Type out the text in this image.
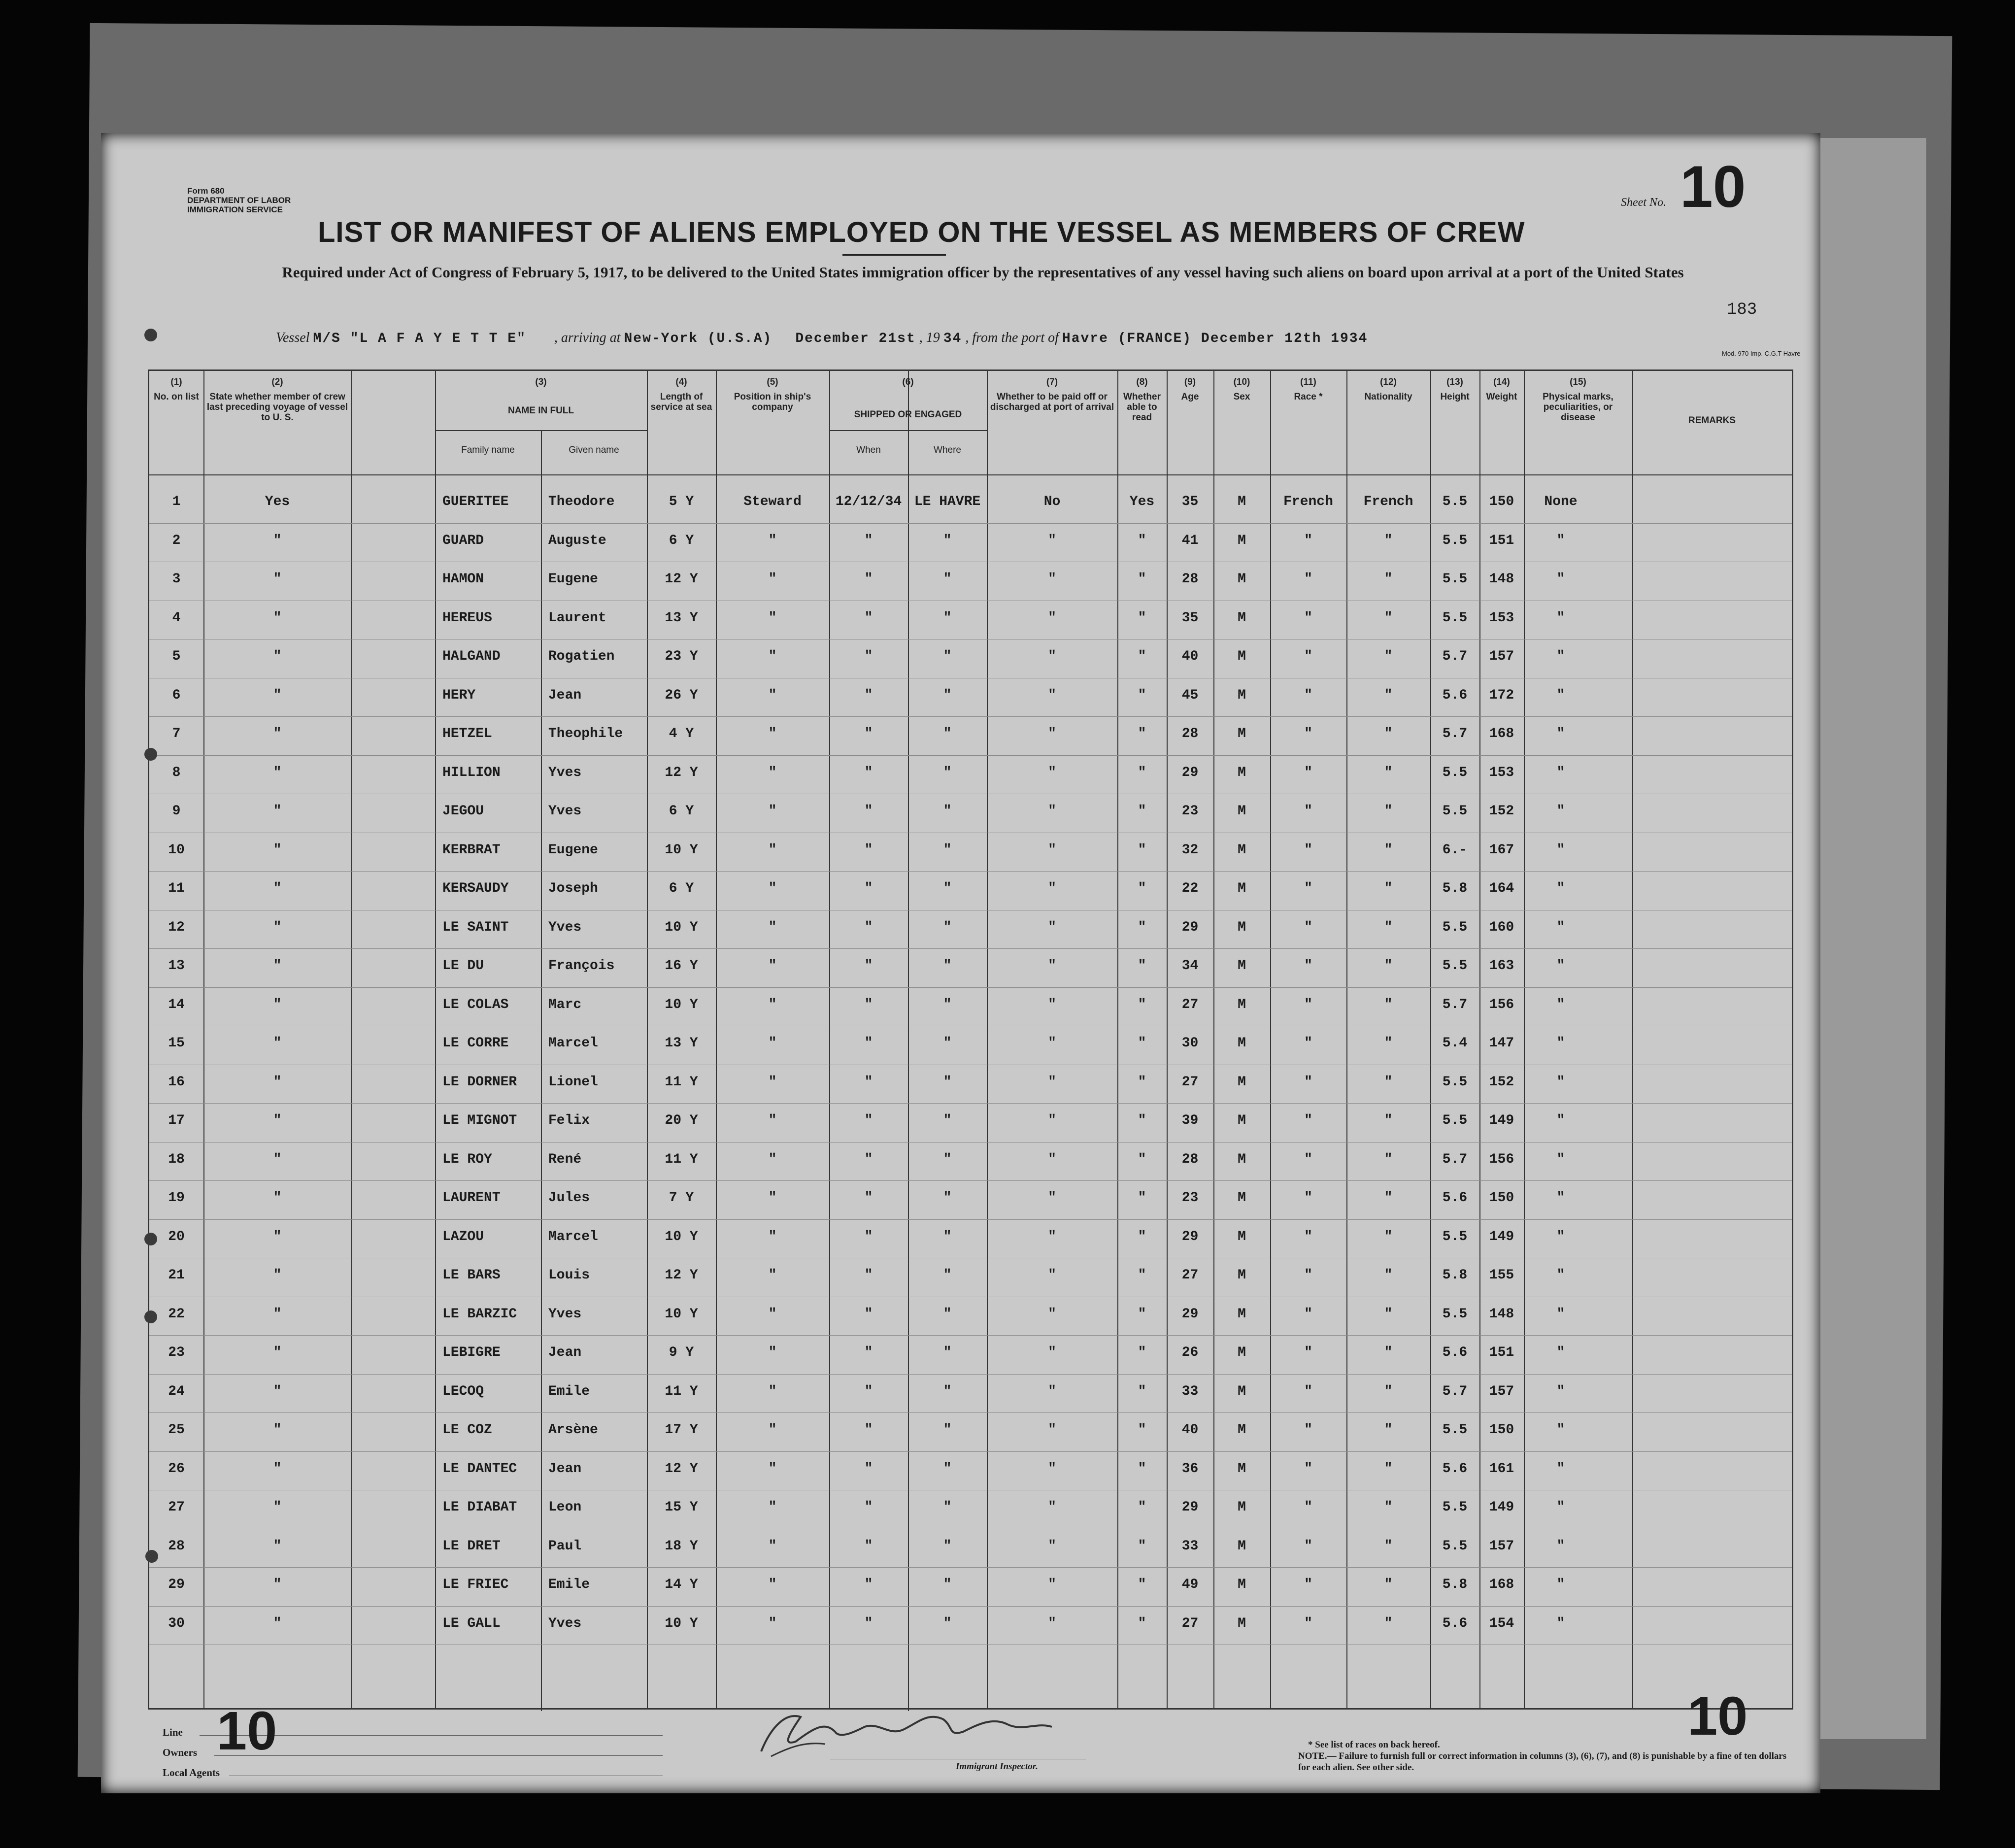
Form 680
DEPARTMENT OF LABOR
IMMIGRATION SERVICE
Sheet No. 10
LIST OR MANIFEST OF ALIENS EMPLOYED ON THE VESSEL AS MEMBERS OF CREW
Required under Act of Congress of February 5, 1917, to be delivered to the United States immigration officer by the representatives of any vessel having such aliens on board upon arrival at a port of the United States
183
Vessel M/S "L A F A Y E T T E" , arriving at New-York (U.S.A) December 21st , 19 34 , from the port of Havre (FRANCE) December 12th 1934
Mod. 970 Imp. C.G.T Havre
(1)
No. on list
(2)
State whether member of crew last preceding voyage of vessel to U. S.
(3)
NAME IN FULL
(4)
Length of service at sea
(5)
Position in ship's company
(6)
SHIPPED OR ENGAGED
(7)
Whether to be paid off or discharged at port of arrival
(8)
Whether able to read
(9)
Age
(10)
Sex
(11)
Race *
(12)
Nationality
(13)
Height
(14)
Weight
(15)
Physical marks, peculiarities, or disease	REMARKS
Family name	Given name	When	Where
1	Yes	GUERITEE	Theodore	5 Y	Steward	12/12/34 LE HAVRE	No	Yes	35	M	French	French	5.5	150	None
2	"	GUARD	Auguste	6 Y	"	"	"	"	"	41	M	"	"	5.5	151	"
3	"	HAMON	Eugene	12 Y	"	"	"	"	"	28	M	"	"	5.5	148	"
4	"	HEREUS	Laurent	13 Y	"	"	"	"	"	35	M	"	"	5.5	153	"
5	"	HALGAND	Rogatien	23 Y	"	"	"	"	"	40	M	"	"	5.7	157	"
6	"	HERY	Jean	26 Y	"	"	"	"	"	45	M	"	"	5.6	172	"
7	"	HETZEL	Theophile	4 Y	"	"	"	"	"	28	M	"	"	5.7	168	"
8	"	HILLION	Yves	12 Y	"	"	"	"	"	29	M	"	"	5.5	153	"
9	"	JEGOU	Yves	6 Y	"	"	"	"	"	23	M	"	"	5.5	152	"
10	"	KERBRAT	Eugene	10 Y	"	"	"	"	"	32	M	"	"	6.-	167	"
11	"	KERSAUDY	Joseph	6 Y	"	"	"	"	"	22	M	"	"	5.8	164	"
12	"	LE SAINT	Yves	10 Y	"	"	"	"	"	29	M	"	"	5.5	160	"
13	"	LE DU	François	16 Y	"	"	"	"	"	34	M	"	"	5.5	163	"
14	"	LE COLAS	Marc	10 Y	"	"	"	"	"	27	M	"	"	5.7	156	"
15	"	LE CORRE	Marcel	13 Y	"	"	"	"	"	30	M	"	"	5.4	147	"
16	"	LE DORNER	Lionel	11 Y	"	"	"	"	"	27	M	"	"	5.5	152	"
17	"	LE MIGNOT	Felix	20 Y	"	"	"	"	"	39	M	"	"	5.5	149	"
18	"	LE ROY	René	11 Y	"	"	"	"	"	28	M	"	"	5.7	156	"
19	"	LAURENT	Jules	7 Y	"	"	"	"	"	23	M	"	"	5.6	150	"
20	"	LAZOU	Marcel	10 Y	"	"	"	"	"	29	M	"	"	5.5	149	"
21	"	LE BARS	Louis	12 Y	"	"	"	"	"	27	M	"	"	5.8	155	"
22	"	LE BARZIC	Yves	10 Y	"	"	"	"	"	29	M	"	"	5.5	148	"
23	"	LEBIGRE	Jean	9 Y	"	"	"	"	"	26	M	"	"	5.6	151	"
24	"	LECOQ	Emile	11 Y	"	"	"	"	"	33	M	"	"	5.7	157	"
25	"	LE COZ	Arsène	17 Y	"	"	"	"	"	40	M	"	"	5.5	150	"
26	"	LE DANTEC	Jean	12 Y	"	"	"	"	"	36	M	"	"	5.6	161	"
27	"	LE DIABAT	Leon	15 Y	"	"	"	"	"	29	M	"	"	5.5	149	"
28	"	LE DRET	Paul	18 Y	"	"	"	"	"	33	M	"	"	5.5	157	"
29	"	LE FRIEC	Emile	14 Y	"	"	"	"	"	49	M	"	"	5.8	168	"
30	"	LE GALL	Yves	10 Y	"	"	"	"	"	27	M	"	"	5.6	154	"
Line
Owners
Local Agents
10	10
Immigrant Inspector.
* See list of races on back hereof.
NOTE.— Failure to furnish full or correct information in columns (3), (6), (7), and (8) is punishable by a fine of ten dollars for each alien. See other side.
